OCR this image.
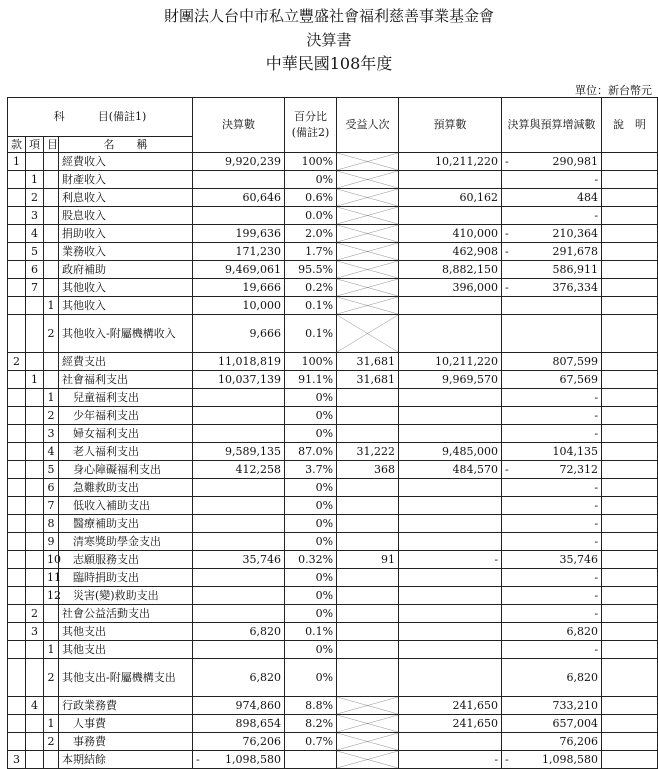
財團法人台中市私立豐盛社會福利慈善事業基金會
決算書
中華民國108年度
單位：新台幣元
科　　　目(備註1)				決算數	百分比(備註2)	受益人次	預算數	決算與預算增減數	說　明
款	項	目	名　　稱						
1			經費收入	9,920,239	100%		10,211,220	- 290,981	

	1		財產收入		0%			-	
	2		利息收入	60,646	0.6%		60,162	484	
	3		股息收入		0.0%			-	
	4		捐助收入	199,636	2.0%		410,000	- 210,364	

	5		業務收入	171,230	1.7%		462,908	- 291,678	

	6		政府補助	9,469,061	95.5%		8,882,150	586,911	
	7		其他收入	19,666	0.2%		396,000	- 376,334	

		1	其他收入	10,000	0.1%	

		2	其他收入-附屬機構收入	9,666	0.1%	

2			經費支出	11,018,819	100%	31,681	10,211,220	807,599	
	1		社會福利支出	10,037,139	91.1%	31,681	9,969,570	67,569	
		1	兒童福利支出		0%			-	
		2	少年福利支出		0%			-	
		3	婦女福利支出		0%			-	
		4	老人福利支出	9,589,135	87.0%	31,222	9,485,000	104,135	
		5	身心障礙福利支出	412,258	3.7%	368	484,570	- 72,312	

		6	急難救助支出		0%			-	
		7	低收入補助支出		0%			-	
		8	醫療補助支出		0%			-	
		9	清寒獎助學金支出		0%			-	
		10	志願服務支出	35,746	0.32%	91	-	35,746	
		11	臨時捐助支出		0%			-	
		12	災害(變)救助支出		0%			-	
	2		社會公益活動支出		0%			-	
	3		其他支出	6,820	0.1%			6,820	
		1	其他支出		0%			-	
		2	其他支出-附屬機構支出	6,820	0%			6,820	
	4		行政業務費	974,860	8.8%		241,650	733,210	
		1	人事費	898,654	8.2%		241,650	657,004	
		2	事務費	76,206	0.7%			76,206	
3			本期結餘	- 1,098,580			-	- 1,098,580	
